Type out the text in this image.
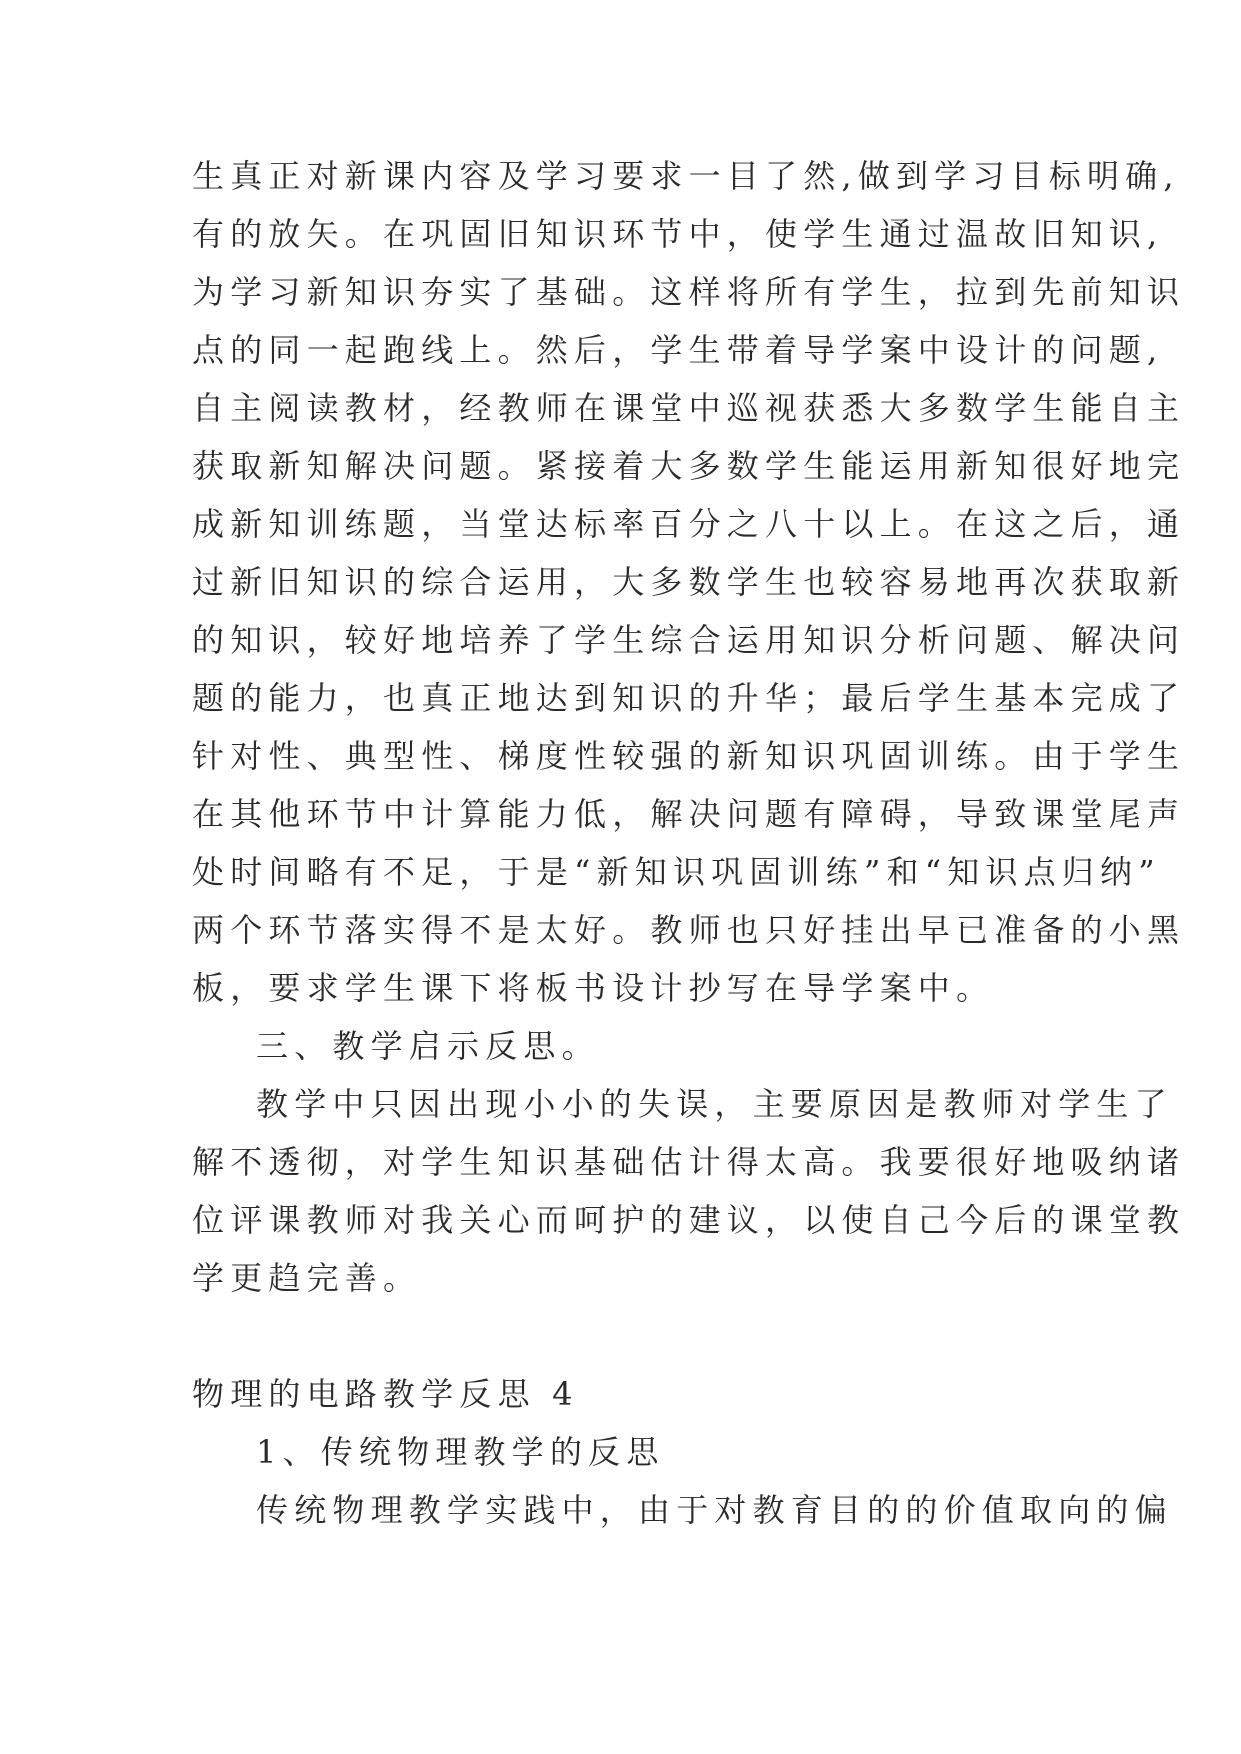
生真正对新课内容及学习要求一目了然,做到学习目标明确,
有的放矢。在巩固旧知识环节中，使学生通过温故旧知识,
为学习新知识夯实了基础。这样将所有学生，拉到先前知识
点的同一起跑线上。然后，学生带着导学案中设计的问题,
自主阅读教材，经教师在课堂中巡视获悉大多数学生能自主
获取新知解决问题。紧接着大多数学生能运用新知很好地完
成新知训练题，当堂达标率百分之八十以上。在这之后，通
过新旧知识的综合运用，大多数学生也较容易地再次获取新
的知识，较好地培养了学生综合运用知识分析问题、解决问
题的能力，也真正地达到知识的升华；最后学生基本完成了
针对性、典型性、梯度性较强的新知识巩固训练。由于学生
在其他环节中计算能力低，解决问题有障碍，导致课堂尾声
处时间略有不足，于是“新知识巩固训练”和“知识点归纳”
两个环节落实得不是太好。教师也只好挂出早已准备的小黑
板，要求学生课下将板书设计抄写在导学案中。
三、教学启示反思。
教学中只因出现小小的失误，主要原因是教师对学生了
解不透彻，对学生知识基础估计得太高。我要很好地吸纳诸
位评课教师对我关心而呵护的建议，以使自己今后的课堂教
学更趋完善。
物理的电路教学反思 4
1、传统物理教学的反思
传统物理教学实践中，由于对教育目的的价值取向的偏
